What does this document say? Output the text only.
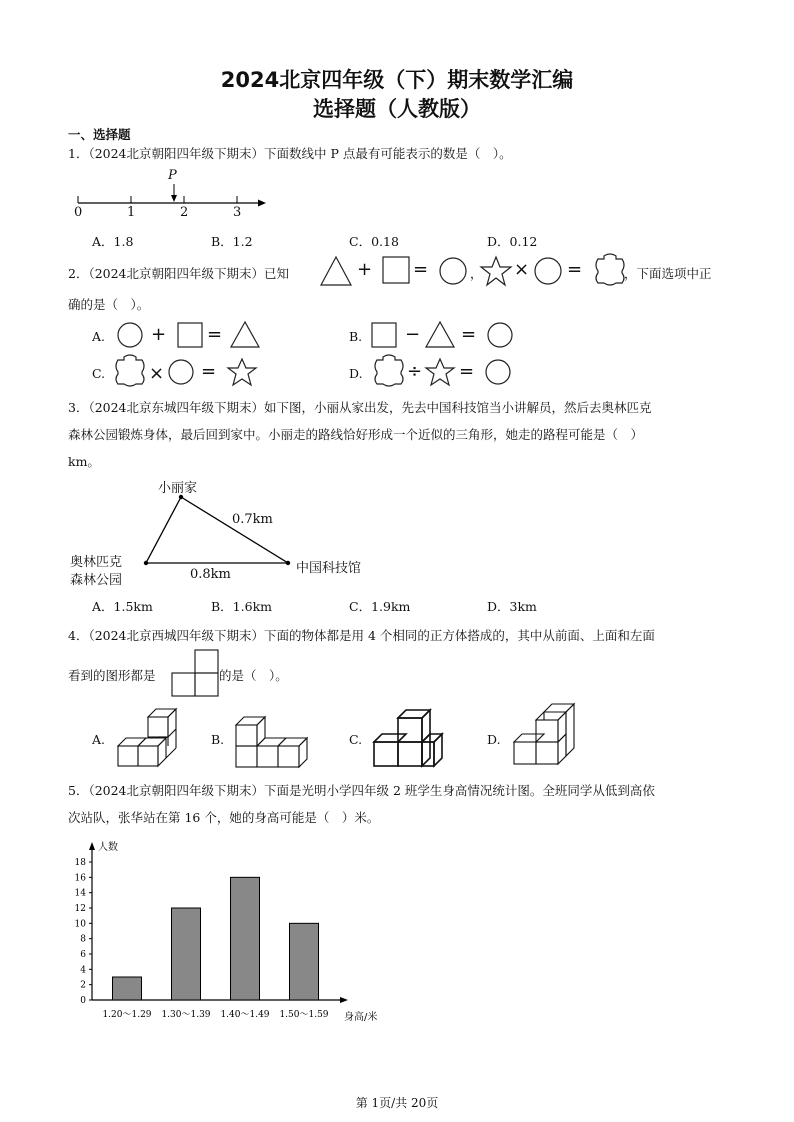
2024北京四年级（下）期末数学汇编
选择题（人教版）
一、选择题
1．（2024北京朝阳四年级下期末）下面数线中 P 点最有可能表示的数是（　）。
P
0	1	2	3
A．1.8	B．1.2	C．0.18	D．0.12
2．（2024北京朝阳四年级下期末）已知	+ =	， × =	，下面选项中正
确的是（　）。
A.	+ =	B. − =
C. × =	D. ÷ =
3．（2024北京东城四年级下期末）如下图，小丽从家出发，先去中国科技馆当小讲解员，然后去奥林匹克
森林公园锻炼身体，最后回到家中。小丽走的路线恰好形成一个近似的三角形，她走的路程可能是（　）
km。
小丽家
0.7km
奥林匹克
森林公园
中国科技馆
0.8km
A．1.5km	B．1.6km	C．1.9km	D．3km
4．（2024北京西城四年级下期末）下面的物体都是用 4 个相同的正方体搭成的，其中从前面、上面和左面
看到的图形都是	的是（　）。
A.	B.	C.	D.
5．（2024北京朝阳四年级下期末）下面是光明小学四年级 2 班学生身高情况统计图。全班同学从低到高依
次站队，张华站在第 16 个，她的身高可能是（　）米。
0
2
4
6
8
10
12
14
16
18
人数
身高/米
1.20～1.29 1.30～1.39 1.40～1.49 1.50～1.59
第 1页/共 20页
